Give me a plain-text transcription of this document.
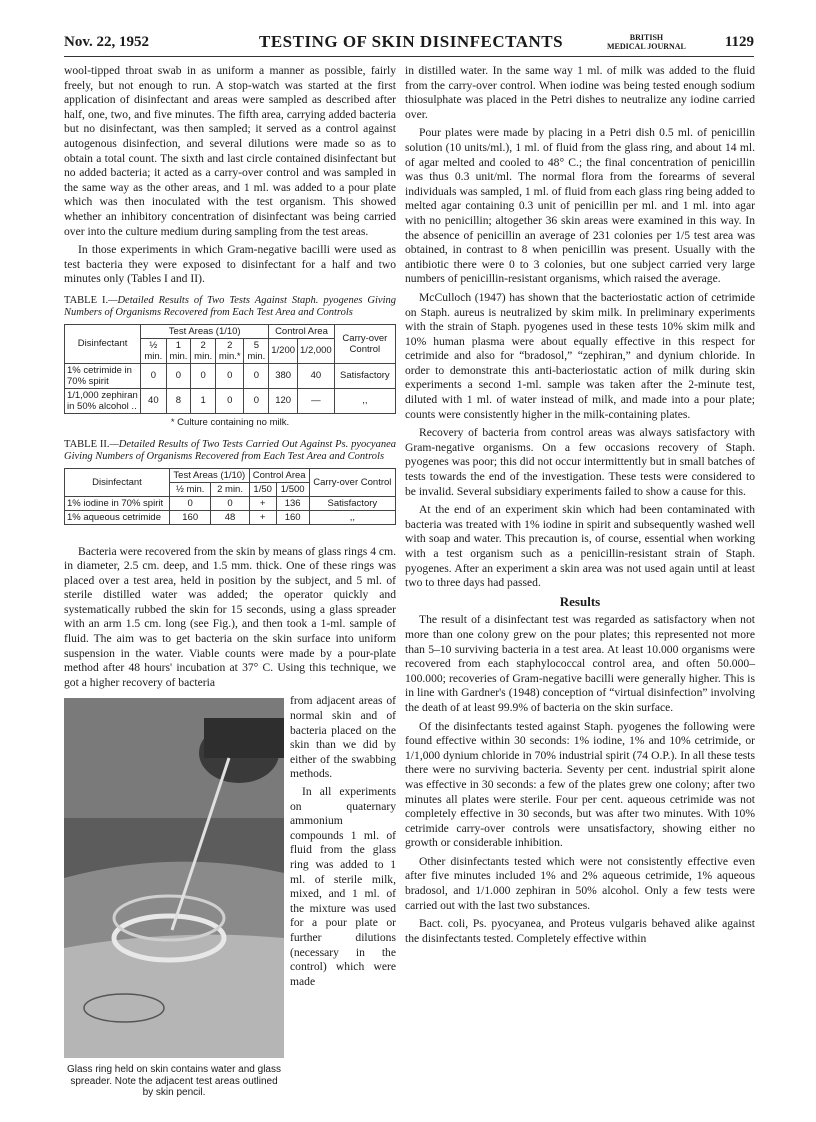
Nov. 22, 1952	TESTING OF SKIN DISINFECTANTS	BRITISH
MEDICAL JOURNAL	1129

wool-tipped throat swab in as uniform a manner as possible, fairly freely, but not enough to run. A stop-watch was started at the first application of disinfectant and areas were sampled as described after half, one, two, and five minutes. The fifth area, carrying added bacteria but no disinfectant, was then sampled; it served as a control against autogenous disinfection, and several dilutions were made so as to obtain a total count. The sixth and last circle contained disinfectant but no added bacteria; it acted as a carry-over control and was sampled in the same way as the other areas, and 1 ml. was added to a pour plate which was then inoculated with the test organism. This showed whether an inhibitory concentration of disinfectant was being carried over into the culture medium during sampling from the test areas.

In those experiments in which Gram-negative bacilli were used as test bacteria they were exposed to disinfectant for a half and two minutes only (Tables I and II).

TABLE I.—Detailed Results of Two Tests Against Staph. pyogenes Giving Numbers of Organisms Recovered from Each Test Area and Controls
Disinfectant	Test Areas (1/10)					Control Area		Carry-over Control
	½ min.	1 min.	2 min.	2 min.*	5 min.	1/200	1/2,000	
1% cetrimide in 70% spirit	0	0	0	0	0	380	40	Satisfactory
1/1,000 zephiran in 50% alcohol ..	40	8	1	0	0	120	—	,,
* Culture containing no milk.
TABLE II.—Detailed Results of Two Tests Carried Out Against Ps. pyocyanea Giving Numbers of Organisms Recovered from Each Test Area and Controls
Disinfectant	Test Areas (1/10)		Control Area		Carry-over Control
	½ min.	2 min.	1/50	1/500	
1% iodine in 70% spirit	0	0	+	136	Satisfactory
1% aqueous cetrimide	160	48	+	160	,,

Bacteria were recovered from the skin by means of glass rings 4 cm. in diameter, 2.5 cm. deep, and 1.5 mm. thick. One of these rings was placed over a test area, held in position by the subject, and 5 ml. of sterile distilled water was added; the operator quickly and systematically rubbed the skin for 15 seconds, using a glass spreader with an arm 1.5 cm. long (see Fig.), and then took a 1-ml. sample of fluid. The aim was to get bacteria on the skin surface into uniform suspension in the water. Viable counts were made by a pour-plate method after 48 hours' incubation at 37° C. Using this technique, we got a higher recovery of bacteria

Glass ring held on skin contains water and glass spreader. Note the adjacent test areas outlined by skin pencil.

from adjacent areas of normal skin and of bacteria placed on the skin than we did by either of the swabbing methods.

In all experiments on quaternary ammonium compounds 1 ml. of fluid from the glass ring was added to 1 ml. of sterile milk, mixed, and 1 ml. of the mixture was used for a pour plate or further dilutions (necessary in the control) which were made

in distilled water. In the same way 1 ml. of milk was added to the fluid from the carry-over control. When iodine was being tested enough sodium thiosulphate was placed in the Petri dishes to neutralize any iodine carried over.

Pour plates were made by placing in a Petri dish 0.5 ml. of penicillin solution (10 units/ml.), 1 ml. of fluid from the glass ring, and about 14 ml. of agar melted and cooled to 48° C.; the final concentration of penicillin was thus 0.3 unit/ml. The normal flora from the forearms of several individuals was sampled, 1 ml. of fluid from each glass ring being added to melted agar containing 0.3 unit of penicillin per ml. and 1 ml. into agar with no penicillin; altogether 36 skin areas were examined in this way. In the absence of penicillin an average of 231 colonies per 1/5 test area was obtained, in contrast to 8 when penicillin was present. Usually with the antibiotic there were 0 to 3 colonies, but one subject carried very large numbers of penicillin-resistant organisms, which raised the average.

McCulloch (1947) has shown that the bacteriostatic action of cetrimide on Staph. aureus is neutralized by skim milk. In preliminary experiments with the strain of Staph. pyogenes used in these tests 10% skim milk and 10% human plasma were about equally effective in this respect for cetrimide and also for “bradosol,” “zephiran,” and dynium chloride. In order to demonstrate this anti-bacteriostatic action of milk during skin experiments a second 1-ml. sample was taken after the 2-minute test, diluted with 1 ml. of water instead of milk, and made into a pour plate; counts were consistently higher in the milk-containing plates.

Recovery of bacteria from control areas was always satisfactory with Gram-negative organisms. On a few occasions recovery of Staph. pyogenes was poor; this did not occur intermittently but in small batches of tests towards the end of the investigation. These tests were considered to be invalid. Several subsidiary experiments failed to show a cause for this.

At the end of an experiment skin which had been contaminated with bacteria was treated with 1% iodine in spirit and subsequently washed well with soap and water. This precaution is, of course, essential when working with a test organism such as a penicillin-resistant strain of Staph. pyogenes. After an experiment a skin area was not used again until at least two to three days had passed.

Results

The result of a disinfectant test was regarded as satisfactory when not more than one colony grew on the pour plates; this represented not more than 5–10 surviving bacteria in a test area. At least 10.000 organisms were recovered from each staphylococcal control area, and often 50.000–100.000; recoveries of Gram-negative bacilli were generally higher. This is in line with Gardner's (1948) conception of “virtual disinfection” involving the death of at least 99.9% of bacteria on the skin surface.

Of the disinfectants tested against Staph. pyogenes the following were found effective within 30 seconds: 1% iodine, 1% and 10% cetrimide, or 1/1,000 dynium chloride in 70% industrial spirit (74 O.P.). In all these tests there were no surviving bacteria. Seventy per cent. industrial spirit alone was effective in 30 seconds: a few of the plates grew one colony; after two minutes all plates were sterile. Four per cent. aqueous cetrimide was not completely effective in 30 seconds, but was after two minutes. With 10% cetrimide carry-over controls were unsatisfactory, showing either no growth or considerable inhibition.

Other disinfectants tested which were not consistently effective even after five minutes included 1% and 2% aqueous cetrimide, 1% aqueous bradosol, and 1/1.000 zephiran in 50% alcohol. Only a few tests were carried out with the last two substances.

Bact. coli, Ps. pyocyanea, and Proteus vulgaris behaved alike against the disinfectants tested. Completely effective within
